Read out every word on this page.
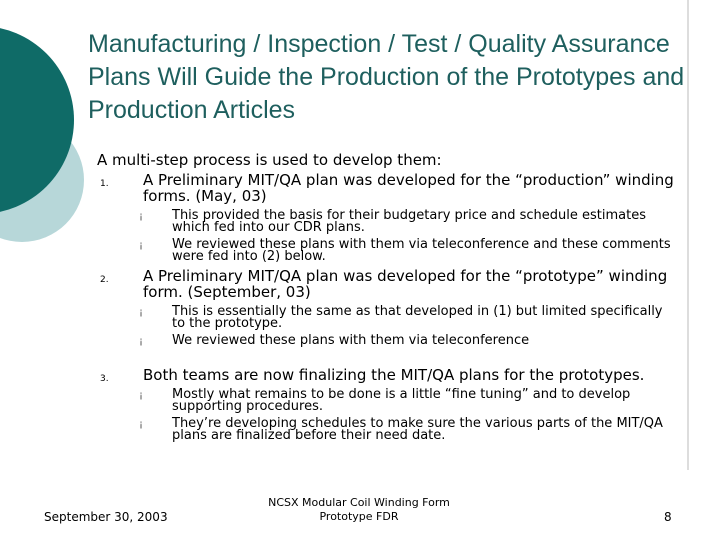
Manufacturing / Inspection / Test / Quality Assurance Plans Will Guide the Production of the Prototypes and Production Articles
A multi-step process is used to develop them:
1. A Preliminary MIT/QA plan was developed for the “production” winding forms. (May, 03)
¡ This provided the basis for their budgetary price and schedule estimates which fed into our CDR plans.
¡ We reviewed these plans with them via teleconference and these comments were fed into (2) below.
2. A Preliminary MIT/QA plan was developed for the “prototype” winding form. (September, 03)
¡ This is essentially the same as that developed in (1) but limited specifically to the prototype.
¡ We reviewed these plans with them via teleconference
3. Both teams are now finalizing the MIT/QA plans for the prototypes.
¡ Mostly what remains to be done is a little “fine tuning” and to develop supporting procedures.
¡ They’re developing schedules to make sure the various parts of the MIT/QA plans are finalized before their need date.
September 30, 2003
NCSX Modular Coil Winding Form Prototype FDR	8
